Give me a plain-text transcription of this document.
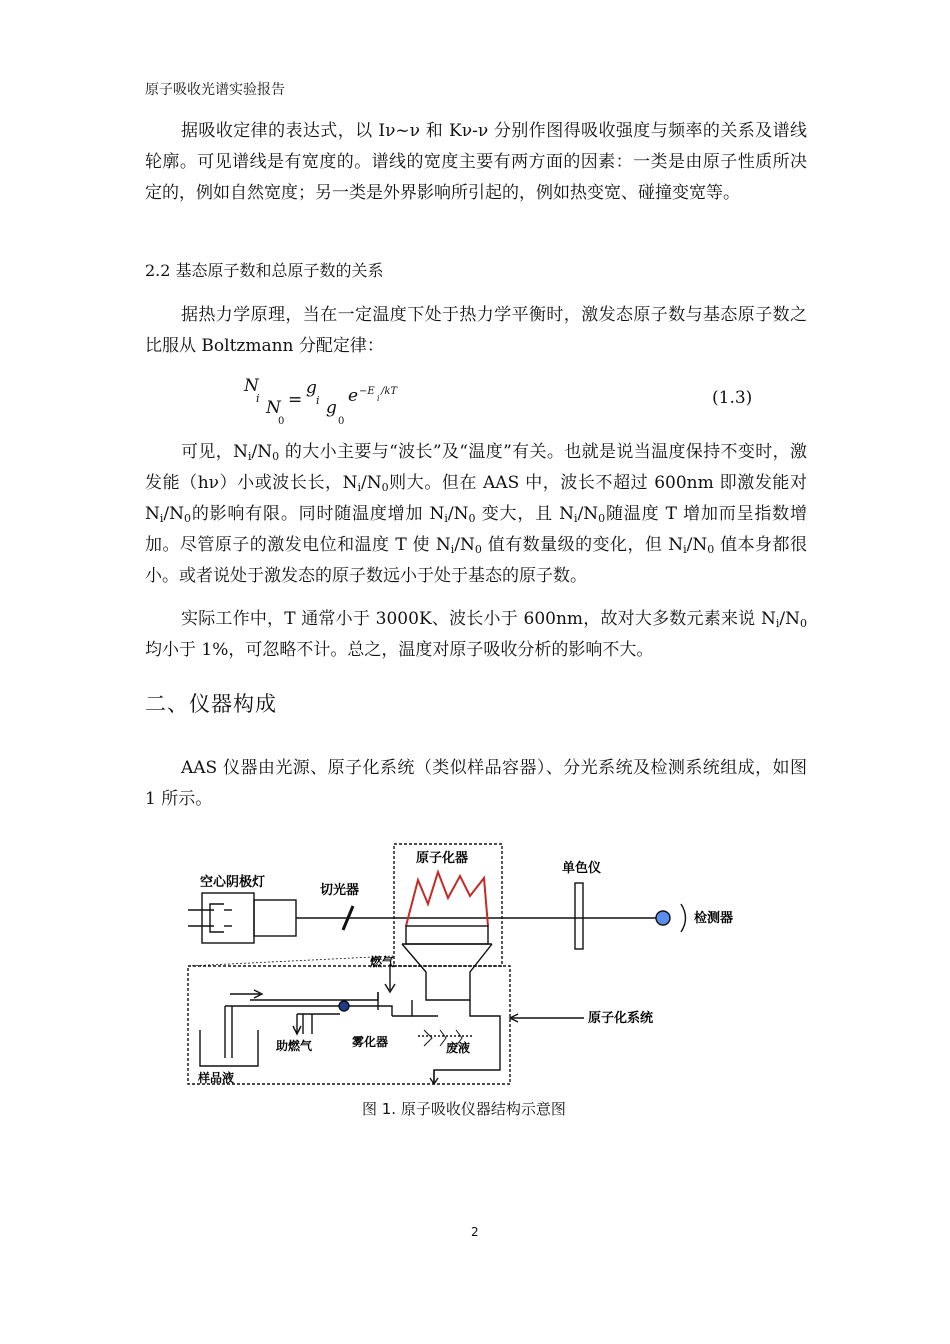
原子吸收光谱实验报告

据吸收定律的表达式，以 Iν~ν 和 Kν-ν 分别作图得吸收强度与频率的关系及谱线轮廓。可见谱线是有宽度的。谱线的宽度主要有两方面的因素：一类是由原子性质所决定的，例如自然宽度；另一类是外界影响所引起的，例如热变宽、碰撞变宽等。

2.2 基态原子数和总原子数的关系

据热力学原理，当在一定温度下处于热力学平衡时，激发态原子数与基态原子数之比服从 Boltzmann 分配定律：

N
i N
0
=
g
i g
0
e −E
i
/kT	(1.3)

可见，$N_i/N_0$ 的大小主要与“波长”及“温度”有关。也就是说当温度保持不变时，激发能（hν）小或波长长，$N_i/N_0$则大。但在 AAS 中，波长不超过 600nm 即激发能对 $N_i/N_0$的影响有限。同时随温度增加 $N_i/N_0$ 变大，且 $N_i/N_0$随温度 T 增加而呈指数增加。尽管原子的激发电位和温度 T 使 $N_i/N_0$ 值有数量级的变化，但 $N_i/N_0$ 值本身都很小。或者说处于激发态的原子数远小于处于基态的原子数。

实际工作中，T 通常小于 3000K、波长小于 600nm，故对大多数元素来说 $N_i/N_0$均小于 1%，可忽略不计。总之，温度对原子吸收分析的影响不大。

二、仪器构成

AAS 仪器由光源、原子化系统（类似样品容器）、分光系统及检测系统组成，如图 1 所示。

空心阴极灯
切光器
原子化器
单色仪
检测器
燃气
原子化系统
助燃气	雾化器	废液
样品液
图 1. 原子吸收仪器结构示意图
2
